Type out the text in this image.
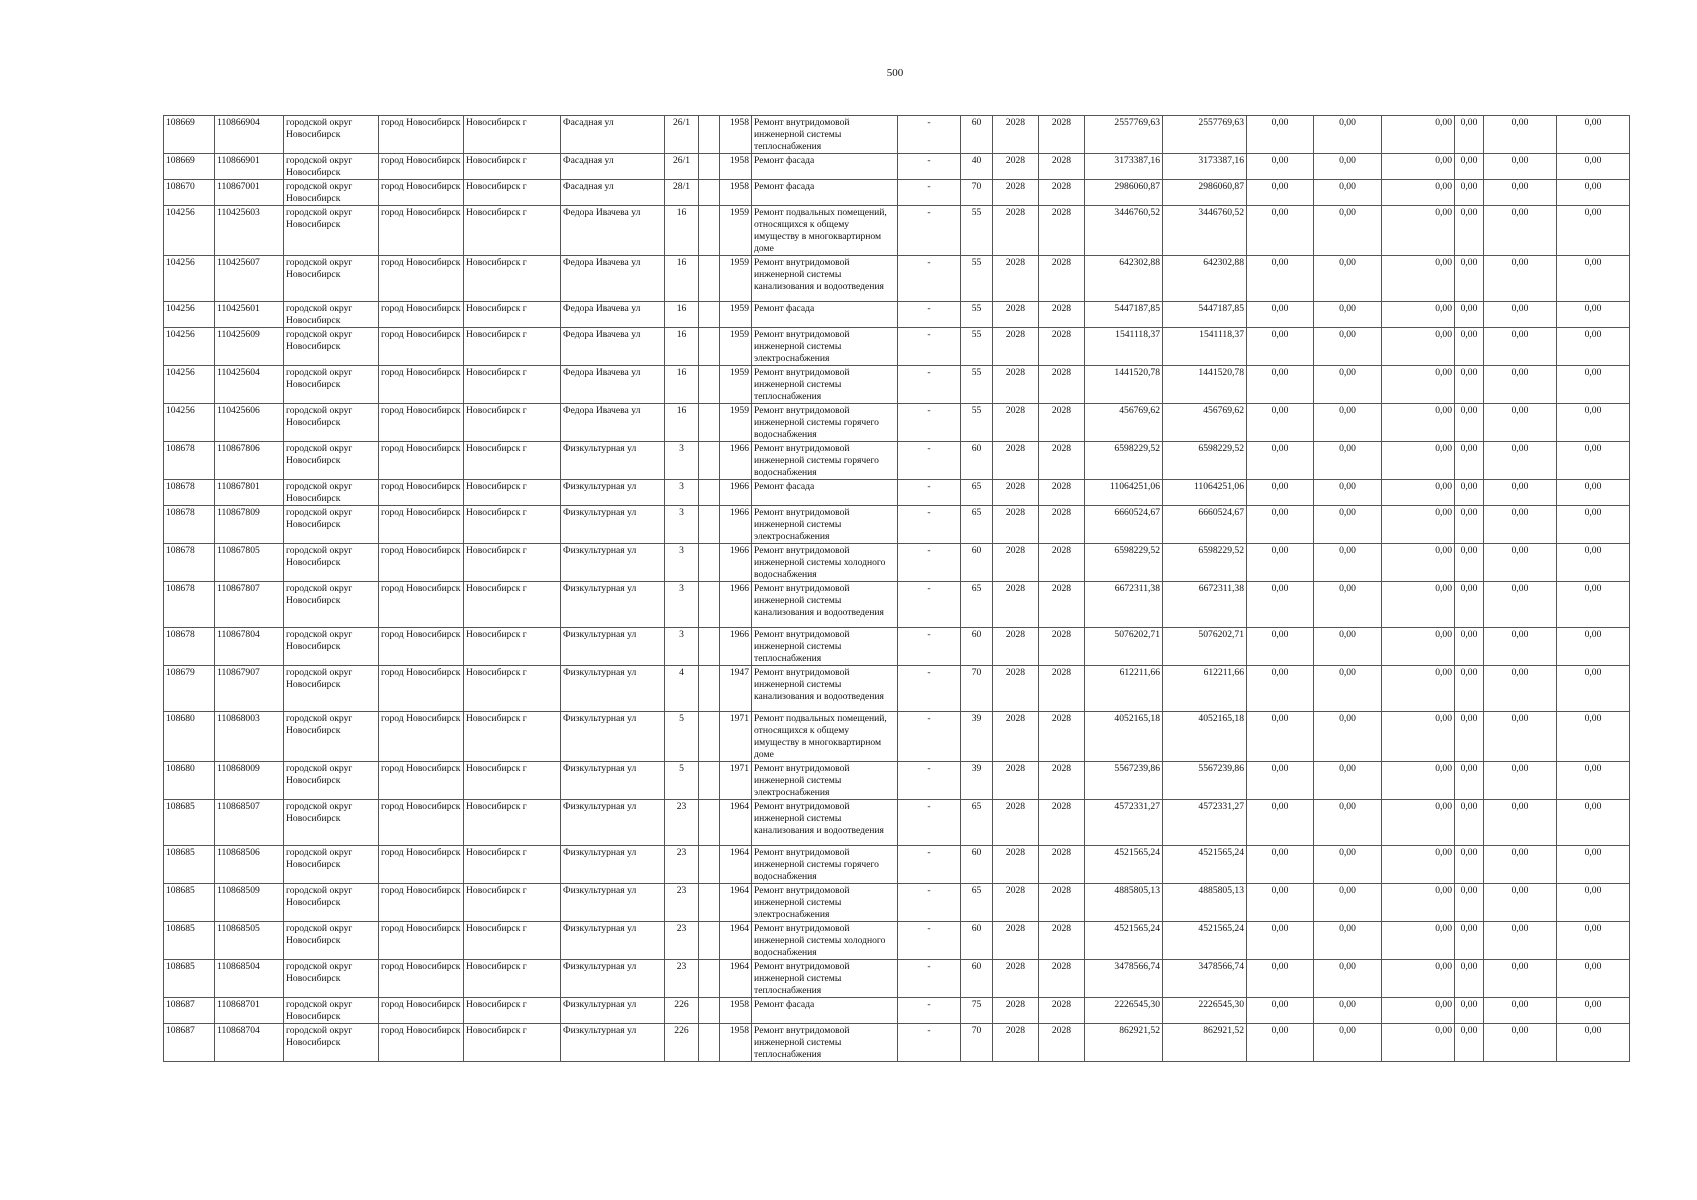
500
108669	110866904	городской округ Новосибирск	город Новосибирск	Новосибирск г	Фасадная ул	26/1		1958	Ремонт внутридомовой инженерной системы теплоснабжения	-	60	2028	2028	2557769,63	2557769,63	0,00	0,00	0,00	0,00	0,00	0,00
108669	110866901	городской округ Новосибирск	город Новосибирск	Новосибирск г	Фасадная ул	26/1		1958	Ремонт фасада	-	40	2028	2028	3173387,16	3173387,16	0,00	0,00	0,00	0,00	0,00	0,00
108670	110867001	городской округ Новосибирск	город Новосибирск	Новосибирск г	Фасадная ул	28/1		1958	Ремонт фасада	-	70	2028	2028	2986060,87	2986060,87	0,00	0,00	0,00	0,00	0,00	0,00
104256	110425603	городской округ Новосибирск	город Новосибирск	Новосибирск г	Федора Ивачева ул	16		1959	Ремонт подвальных помещений, относящихся к общему имуществу в многоквартирном доме	-	55	2028	2028	3446760,52	3446760,52	0,00	0,00	0,00	0,00	0,00	0,00
104256	110425607	городской округ Новосибирск	город Новосибирск	Новосибирск г	Федора Ивачева ул	16		1959	Ремонт внутридомовой инженерной системы канализования и водоотведения	-	55	2028	2028	642302,88	642302,88	0,00	0,00	0,00	0,00	0,00	0,00
104256	110425601	городской округ Новосибирск	город Новосибирск	Новосибирск г	Федора Ивачева ул	16		1959	Ремонт фасада	-	55	2028	2028	5447187,85	5447187,85	0,00	0,00	0,00	0,00	0,00	0,00
104256	110425609	городской округ Новосибирск	город Новосибирск	Новосибирск г	Федора Ивачева ул	16		1959	Ремонт внутридомовой инженерной системы электроснабжения	-	55	2028	2028	1541118,37	1541118,37	0,00	0,00	0,00	0,00	0,00	0,00
104256	110425604	городской округ Новосибирск	город Новосибирск	Новосибирск г	Федора Ивачева ул	16		1959	Ремонт внутридомовой инженерной системы теплоснабжения	-	55	2028	2028	1441520,78	1441520,78	0,00	0,00	0,00	0,00	0,00	0,00
104256	110425606	городской округ Новосибирск	город Новосибирск	Новосибирск г	Федора Ивачева ул	16		1959	Ремонт внутридомовой инженерной системы горячего водоснабжения	-	55	2028	2028	456769,62	456769,62	0,00	0,00	0,00	0,00	0,00	0,00
108678	110867806	городской округ Новосибирск	город Новосибирск	Новосибирск г	Физкультурная ул	3		1966	Ремонт внутридомовой инженерной системы горячего водоснабжения	-	60	2028	2028	6598229,52	6598229,52	0,00	0,00	0,00	0,00	0,00	0,00
108678	110867801	городской округ Новосибирск	город Новосибирск	Новосибирск г	Физкультурная ул	3		1966	Ремонт фасада	-	65	2028	2028	11064251,06	11064251,06	0,00	0,00	0,00	0,00	0,00	0,00
108678	110867809	городской округ Новосибирск	город Новосибирск	Новосибирск г	Физкультурная ул	3		1966	Ремонт внутридомовой инженерной системы электроснабжения	-	65	2028	2028	6660524,67	6660524,67	0,00	0,00	0,00	0,00	0,00	0,00
108678	110867805	городской округ Новосибирск	город Новосибирск	Новосибирск г	Физкультурная ул	3		1966	Ремонт внутридомовой инженерной системы холодного водоснабжения	-	60	2028	2028	6598229,52	6598229,52	0,00	0,00	0,00	0,00	0,00	0,00
108678	110867807	городской округ Новосибирск	город Новосибирск	Новосибирск г	Физкультурная ул	3		1966	Ремонт внутридомовой инженерной системы канализования и водоотведения	-	65	2028	2028	6672311,38	6672311,38	0,00	0,00	0,00	0,00	0,00	0,00
108678	110867804	городской округ Новосибирск	город Новосибирск	Новосибирск г	Физкультурная ул	3		1966	Ремонт внутридомовой инженерной системы теплоснабжения	-	60	2028	2028	5076202,71	5076202,71	0,00	0,00	0,00	0,00	0,00	0,00
108679	110867907	городской округ Новосибирск	город Новосибирск	Новосибирск г	Физкультурная ул	4		1947	Ремонт внутридомовой инженерной системы канализования и водоотведения	-	70	2028	2028	612211,66	612211,66	0,00	0,00	0,00	0,00	0,00	0,00
108680	110868003	городской округ Новосибирск	город Новосибирск	Новосибирск г	Физкультурная ул	5		1971	Ремонт подвальных помещений, относящихся к общему имуществу в многоквартирном доме	-	39	2028	2028	4052165,18	4052165,18	0,00	0,00	0,00	0,00	0,00	0,00
108680	110868009	городской округ Новосибирск	город Новосибирск	Новосибирск г	Физкультурная ул	5		1971	Ремонт внутридомовой инженерной системы электроснабжения	-	39	2028	2028	5567239,86	5567239,86	0,00	0,00	0,00	0,00	0,00	0,00
108685	110868507	городской округ Новосибирск	город Новосибирск	Новосибирск г	Физкультурная ул	23		1964	Ремонт внутридомовой инженерной системы канализования и водоотведения	-	65	2028	2028	4572331,27	4572331,27	0,00	0,00	0,00	0,00	0,00	0,00
108685	110868506	городской округ Новосибирск	город Новосибирск	Новосибирск г	Физкультурная ул	23		1964	Ремонт внутридомовой инженерной системы горячего водоснабжения	-	60	2028	2028	4521565,24	4521565,24	0,00	0,00	0,00	0,00	0,00	0,00
108685	110868509	городской округ Новосибирск	город Новосибирск	Новосибирск г	Физкультурная ул	23		1964	Ремонт внутридомовой инженерной системы электроснабжения	-	65	2028	2028	4885805,13	4885805,13	0,00	0,00	0,00	0,00	0,00	0,00
108685	110868505	городской округ Новосибирск	город Новосибирск	Новосибирск г	Физкультурная ул	23		1964	Ремонт внутридомовой инженерной системы холодного водоснабжения	-	60	2028	2028	4521565,24	4521565,24	0,00	0,00	0,00	0,00	0,00	0,00
108685	110868504	городской округ Новосибирск	город Новосибирск	Новосибирск г	Физкультурная ул	23		1964	Ремонт внутридомовой инженерной системы теплоснабжения	-	60	2028	2028	3478566,74	3478566,74	0,00	0,00	0,00	0,00	0,00	0,00
108687	110868701	городской округ Новосибирск	город Новосибирск	Новосибирск г	Физкультурная ул	226		1958	Ремонт фасада	-	75	2028	2028	2226545,30	2226545,30	0,00	0,00	0,00	0,00	0,00	0,00
108687	110868704	городской округ Новосибирск	город Новосибирск	Новосибирск г	Физкультурная ул	226		1958	Ремонт внутридомовой инженерной системы теплоснабжения	-	70	2028	2028	862921,52	862921,52	0,00	0,00	0,00	0,00	0,00	0,00
